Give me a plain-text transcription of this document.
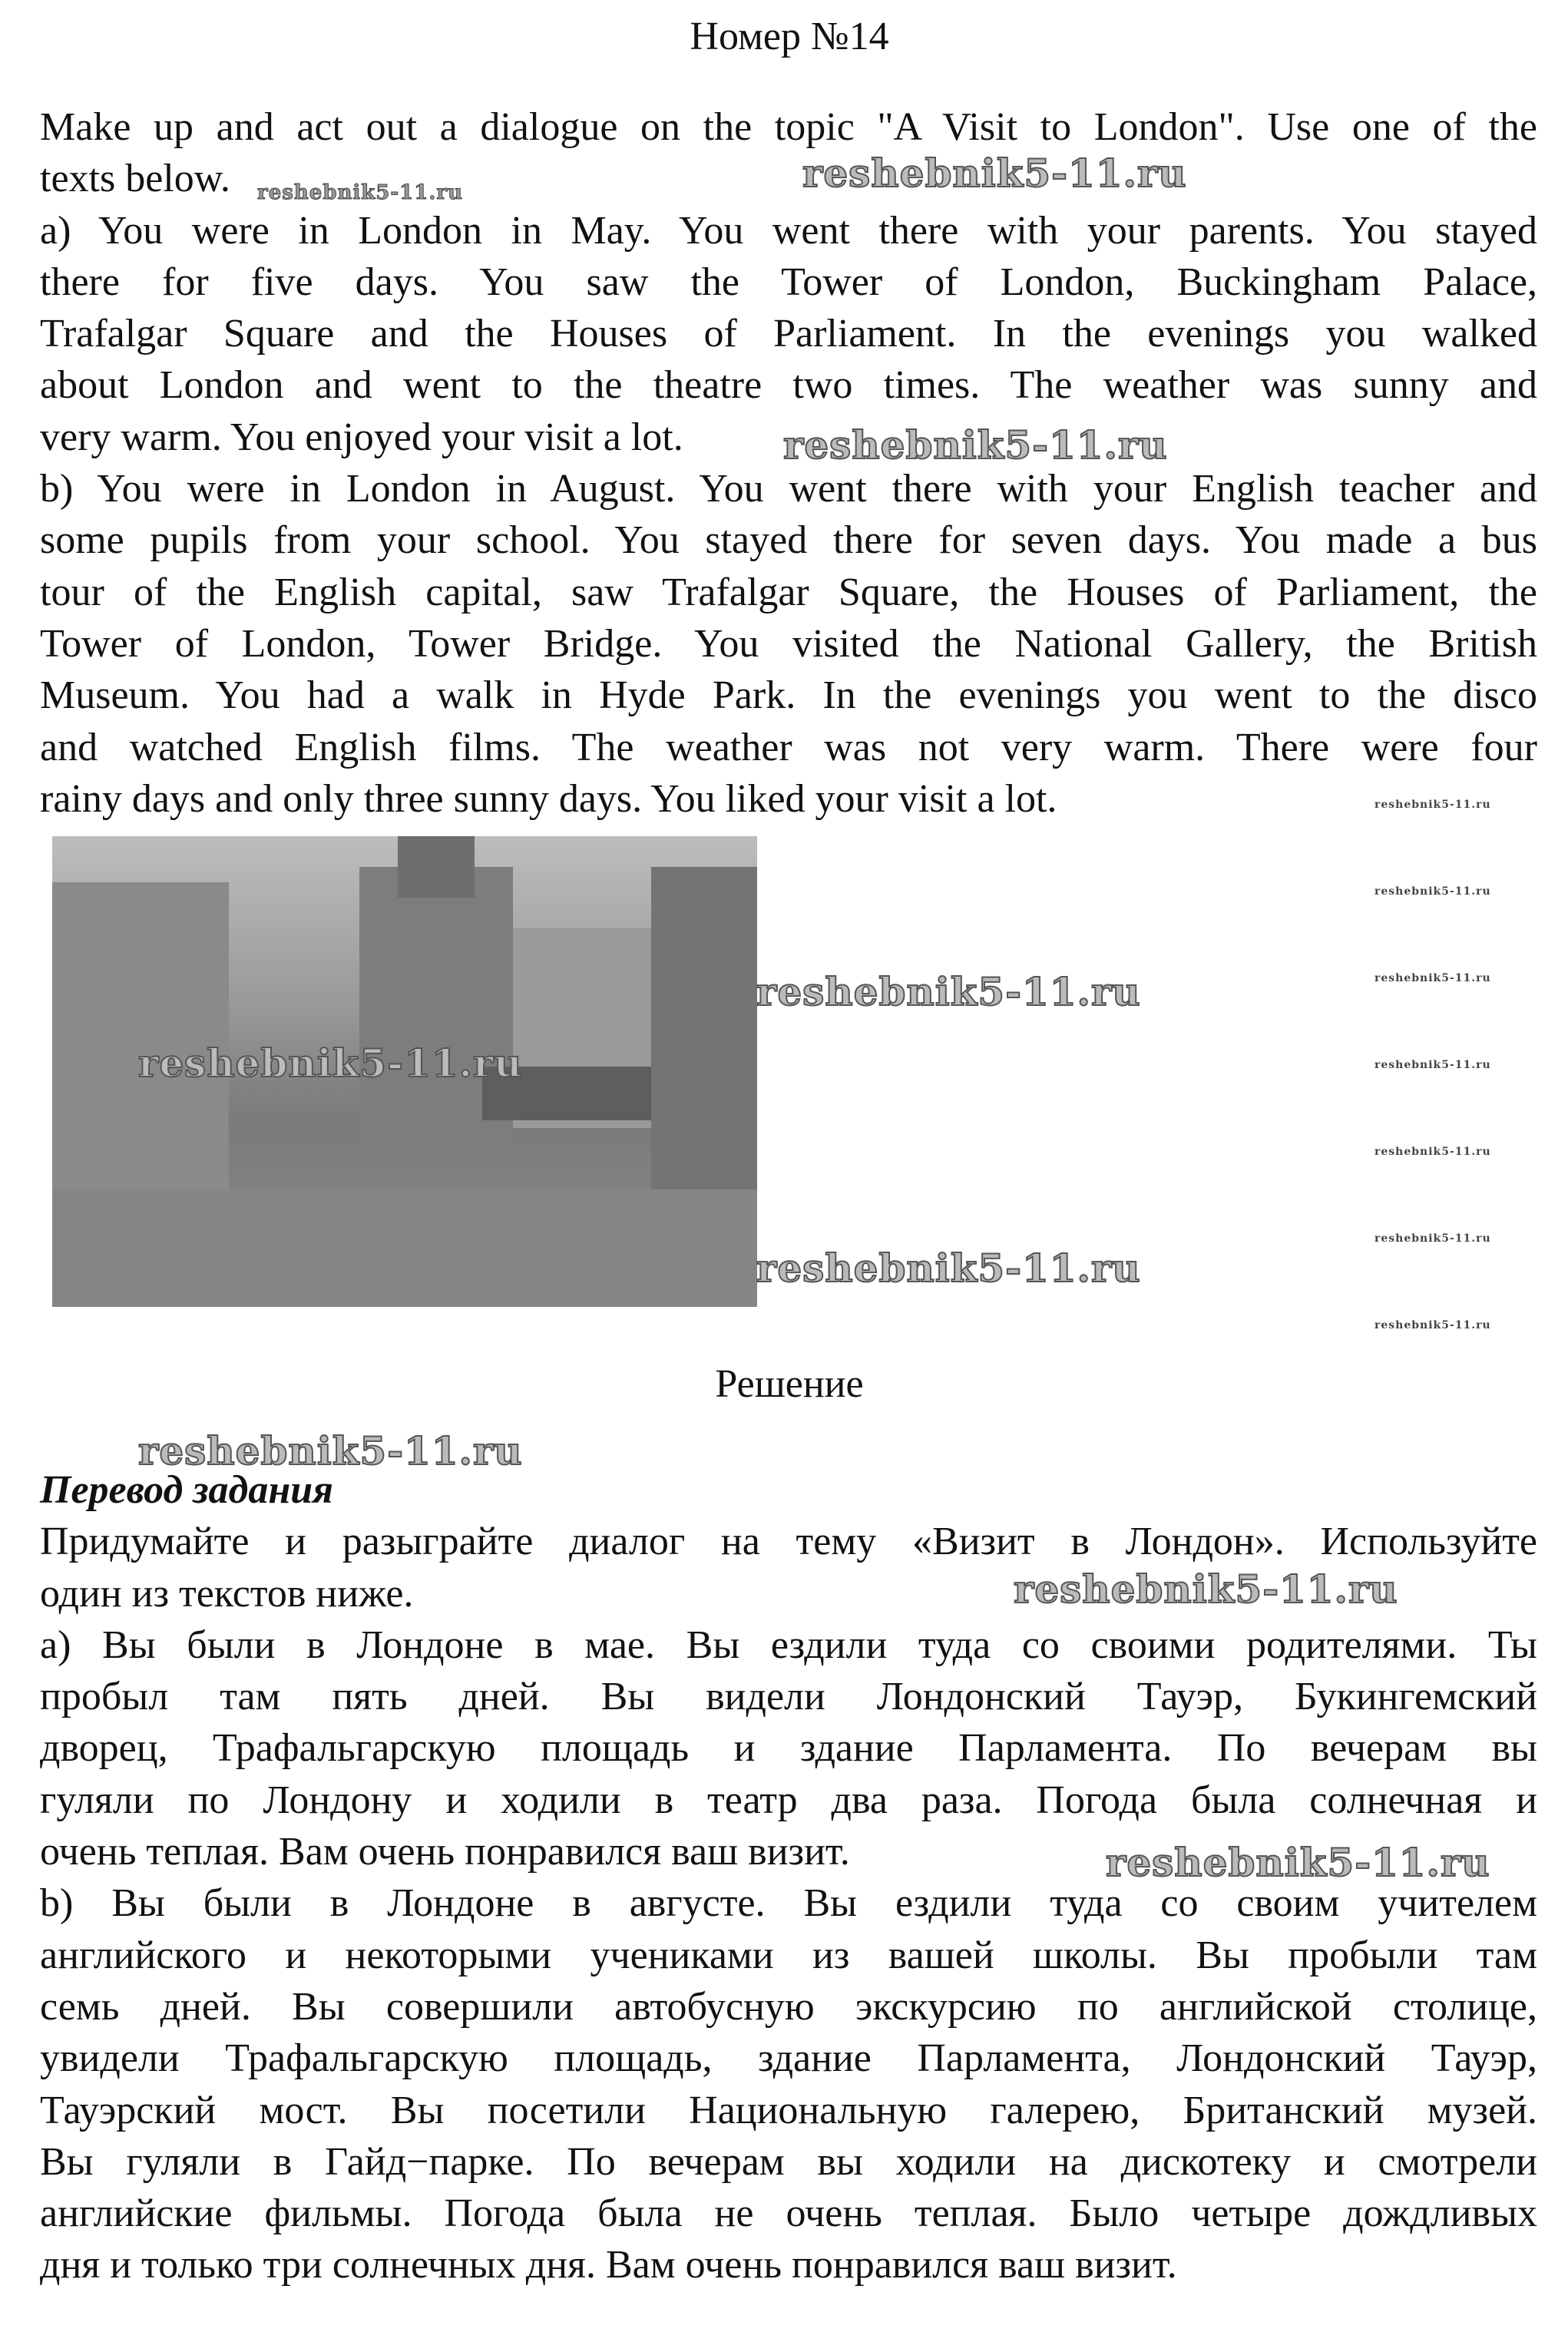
Номер №14
Make up and act out a dialogue on the topic "A Visit to London". Use one of the
texts below.
a) You were in London in May. You went there with your parents. You stayed
there for five days. You saw the Tower of London, Buckingham Palace,
Trafalgar Square and the Houses of Parliament. In the evenings you walked
about London and went to the theatre two times. The weather was sunny and
very warm. You enjoyed your visit a lot.
b) You were in London in August. You went there with your English teacher and
some pupils from your school. You stayed there for seven days. You made a bus
tour of the English capital, saw Trafalgar Square, the Houses of Parliament, the
Tower of London, Tower Bridge. You visited the National Gallery, the British
Museum. You had a walk in Hyde Park. In the evenings you went to the disco
and watched English films. The weather was not very warm. There were four
rainy days and only three sunny days. You liked your visit a lot.
Решение
Перевод задания
Придумайте и разыграйте диалог на тему «Визит в Лондон». Используйте
один из текстов ниже.
a) Вы были в Лондоне в мае. Вы ездили туда со своими родителями. Ты
пробыл там пять дней. Вы видели Лондонский Тауэр, Букингемский
дворец, Трафальгарскую площадь и здание Парламента. По вечерам вы
гуляли по Лондону и ходили в театр два раза. Погода была солнечная и
очень теплая. Вам очень понравился ваш визит.
b) Вы были в Лондоне в августе. Вы ездили туда со своим учителем
английского и некоторыми учениками из вашей школы. Вы пробыли там
семь дней. Вы совершили автобусную экскурсию по английской столице,
увидели Трафальгарскую площадь, здание Парламента, Лондонский Тауэр,
Тауэрский мост. Вы посетили Национальную галерею, Британский музей.
Вы гуляли в Гайд−парке. По вечерам вы ходили на дискотеку и смотрели
английские фильмы. Погода была не очень теплая. Было четыре дождливых
дня и только три солнечных дня. Вам очень понравился ваш визит.
reshebnik5-11.ru
reshebnik5-11.ru
reshebnik5-11.ru
reshebnik5-11.ru
reshebnik5-11.ru
reshebnik5-11.ru
reshebnik5-11.ru
reshebnik5-11.ru
reshebnik5-11.ru
reshebnik5-11.ru
reshebnik5-11.ru
reshebnik5-11.ru
reshebnik5-11.ru
reshebnik5-11.ru
reshebnik5-11.ru
reshebnik5-11.ru
